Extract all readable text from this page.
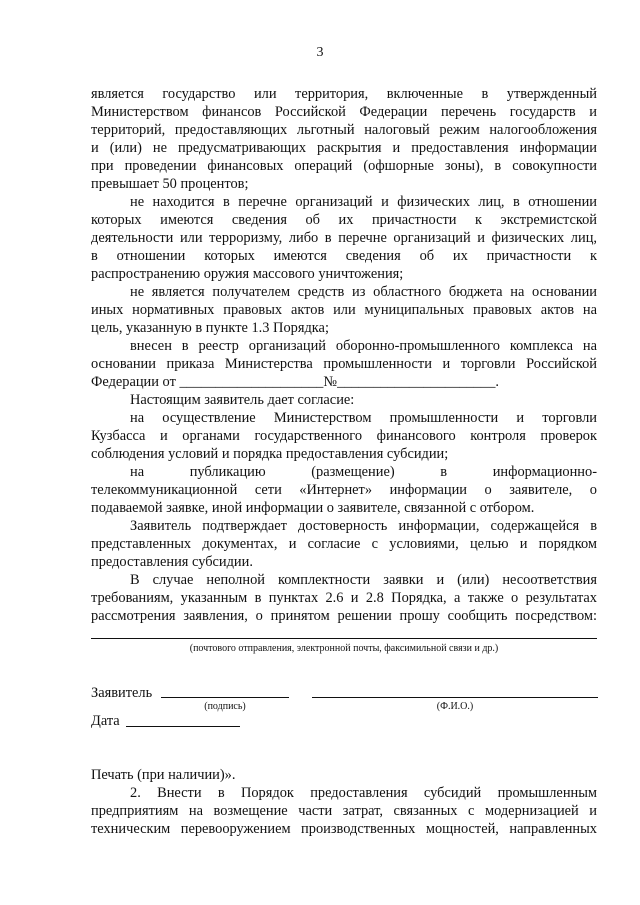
3
является государство или территория, включенные в утвержденный
Министерством финансов Российской Федерации перечень государств и
территорий, предоставляющих льготный налоговый режим налогообложения
и (или) не предусматривающих раскрытия и предоставления информации
при проведении финансовых операций (офшорные зоны), в совокупности
превышает 50 процентов;
не находится в перечне организаций и физических лиц, в отношении
которых имеются сведения об их причастности к экстремистской
деятельности или терроризму, либо в перечне организаций и физических лиц,
в отношении которых имеются сведения об их причастности к
распространению оружия массового уничтожения;
не является получателем средств из областного бюджета на основании
иных нормативных правовых актов или муниципальных правовых актов на
цель, указанную в пункте 1.3 Порядка;
внесен в реестр организаций оборонно-промышленного комплекса на
основании приказа Министерства промышленности и торговли Российской
Федерации от ____________________№______________________.
Настоящим заявитель дает согласие:
на осуществление Министерством промышленности и торговли
Кузбасса и органами государственного финансового контроля проверок
соблюдения условий и порядка предоставления субсидии;
на публикацию (размещение) в информационно-
телекоммуникационной сети «Интернет» информации о заявителе, о
подаваемой заявке, иной информации о заявителе, связанной с отбором.
Заявитель подтверждает достоверность информации, содержащейся в
представленных документах, и согласие с условиями, целью и порядком
предоставления субсидии.
В случае неполной комплектности заявки и (или) несоответствия
требованиям, указанным в пунктах 2.6 и 2.8 Порядка, а также о результатах
рассмотрения заявления, о принятом решении прошу сообщить посредством:
(почтового отправления, электронной почты, факсимильной связи и др.)
Заявитель
(подпись)	(Ф.И.О.)
Дата
Печать (при наличии)».
2. Внести в Порядок предоставления субсидий промышленным
предприятиям на возмещение части затрат, связанных с модернизацией и
техническим перевооружением производственных мощностей, направленных
